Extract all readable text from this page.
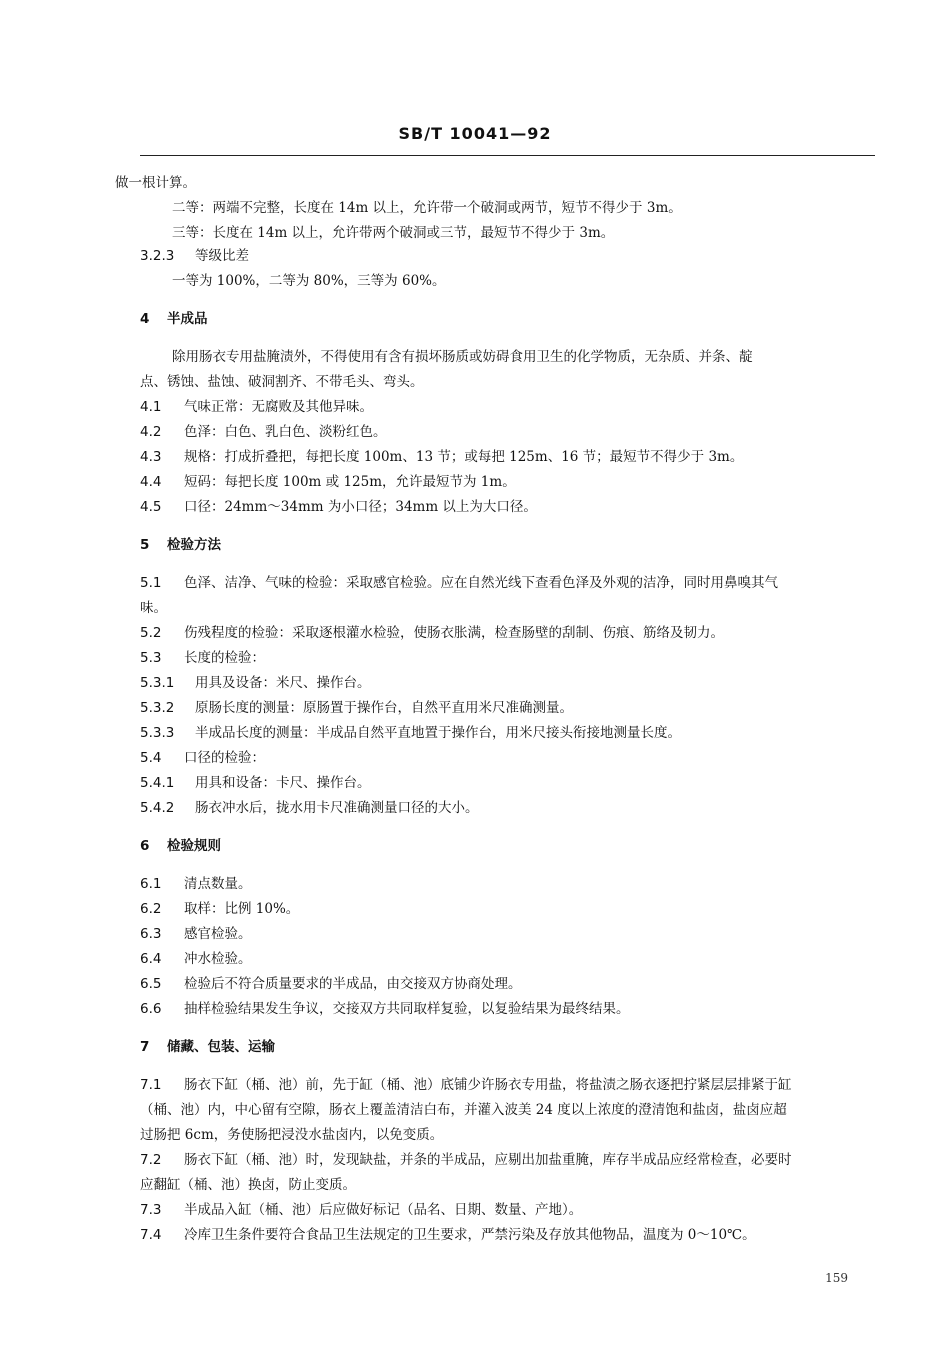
SB/T 10041—92
做一根计算。
二等：两端不完整，长度在 14m 以上，允许带一个破洞或两节，短节不得少于 3m。
三等：长度在 14m 以上，允许带两个破洞或三节，最短节不得少于 3m。
3.2.3 等级比差
一等为 100%，二等为 80%，三等为 60%。
4 半成品
除用肠衣专用盐腌渍外，不得使用有含有损坏肠质或妨碍食用卫生的化学物质，无杂质、并条、靛
点、锈蚀、盐蚀、破洞割齐、不带毛头、弯头。
4.1 气味正常：无腐败及其他异味。
4.2 色泽：白色、乳白色、淡粉红色。
4.3 规格：打成折叠把，每把长度 100m、13 节；或每把 125m、16 节；最短节不得少于 3m。
4.4 短码：每把长度 100m 或 125m，允许最短节为 1m。
4.5 口径：24mm～34mm 为小口径；34mm 以上为大口径。
5 检验方法
5.1 色泽、洁净、气味的检验：采取感官检验。应在自然光线下查看色泽及外观的洁净，同时用鼻嗅其气
味。
5.2 伤残程度的检验：采取逐根灌水检验，使肠衣胀满，检查肠壁的刮制、伤痕、筋络及韧力。
5.3 长度的检验：
5.3.1 用具及设备：米尺、操作台。
5.3.2 原肠长度的测量：原肠置于操作台，自然平直用米尺准确测量。
5.3.3 半成品长度的测量：半成品自然平直地置于操作台，用米尺接头衔接地测量长度。
5.4 口径的检验：
5.4.1 用具和设备：卡尺、操作台。
5.4.2 肠衣冲水后，拢水用卡尺准确测量口径的大小。
6 检验规则
6.1 清点数量。
6.2 取样：比例 10%。
6.3 感官检验。
6.4 冲水检验。
6.5 检验后不符合质量要求的半成品，由交接双方协商处理。
6.6 抽样检验结果发生争议，交接双方共同取样复验，以复验结果为最终结果。
7 储藏、包装、运输
7.1 肠衣下缸（桶、池）前，先于缸（桶、池）底铺少许肠衣专用盐，将盐渍之肠衣逐把拧紧层层排紧于缸
（桶、池）内，中心留有空隙，肠衣上覆盖清洁白布，并灌入波美 24 度以上浓度的澄清饱和盐卤，盐卤应超
过肠把 6cm，务使肠把浸没水盐卤内，以免变质。
7.2 肠衣下缸（桶、池）时，发现缺盐，并条的半成品，应剔出加盐重腌，库存半成品应经常检查，必要时
应翻缸（桶、池）换卤，防止变质。
7.3 半成品入缸（桶、池）后应做好标记（品名、日期、数量、产地）。
7.4 冷库卫生条件要符合食品卫生法规定的卫生要求，严禁污染及存放其他物品，温度为 0～10℃。
159
